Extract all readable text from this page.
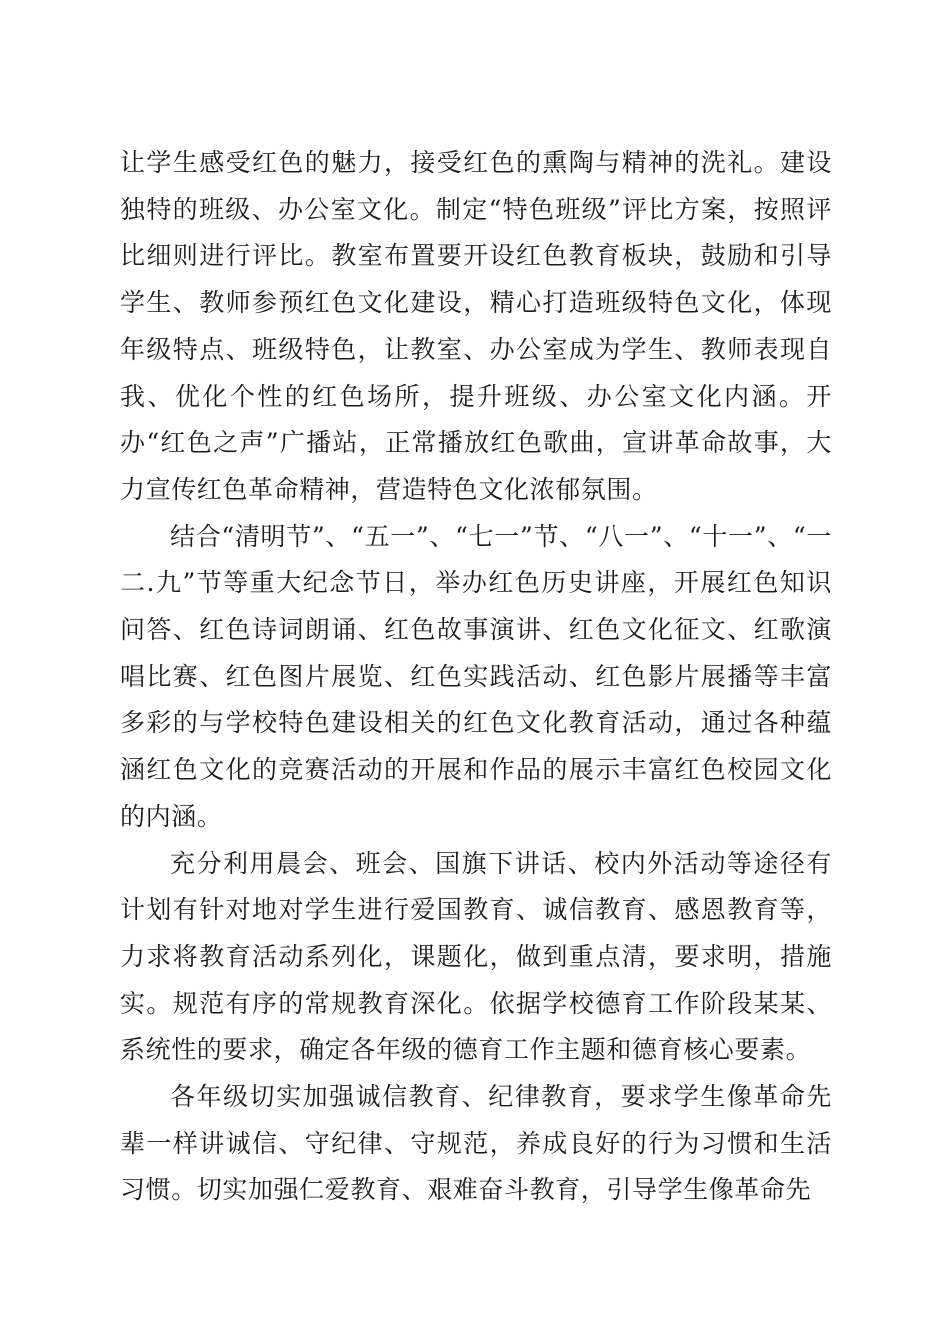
让学生感受红色的魅力，接受红色的熏陶与精神的洗礼。建设独特的班级、办公室文化。制定“特色班级”评比方案，按照评比细则进行评比。教室布置要开设红色教育板块，鼓励和引导学生、教师参预红色文化建设，精心打造班级特色文化，体现年级特点、班级特色，让教室、办公室成为学生、教师表现自我、优化个性的红色场所，提升班级、办公室文化内涵。开办“红色之声”广播站，正常播放红色歌曲，宣讲革命故事，大力宣传红色革命精神，营造特色文化浓郁氛围。

结合“清明节”、“五一”、“七一”节、“八一”、“十一”、“一二.九”节等重大纪念节日，举办红色历史讲座，开展红色知识问答、红色诗词朗诵、红色故事演讲、红色文化征文、红歌演唱比赛、红色图片展览、红色实践活动、红色影片展播等丰富多彩的与学校特色建设相关的红色文化教育活动，通过各种蕴涵红色文化的竞赛活动的开展和作品的展示丰富红色校园文化的内涵。

充分利用晨会、班会、国旗下讲话、校内外活动等途径有计划有针对地对学生进行爱国教育、诚信教育、感恩教育等，力求将教育活动系列化，课题化，做到重点清，要求明，措施实。规范有序的常规教育深化。依据学校德育工作阶段某某、系统性的要求，确定各年级的德育工作主题和德育核心要素。

各年级切实加强诚信教育、纪律教育，要求学生像革命先辈一样讲诚信、守纪律、守规范，养成良好的行为习惯和生活习惯。切实加强仁爱教育、艰难奋斗教育，引导学生像革命先
